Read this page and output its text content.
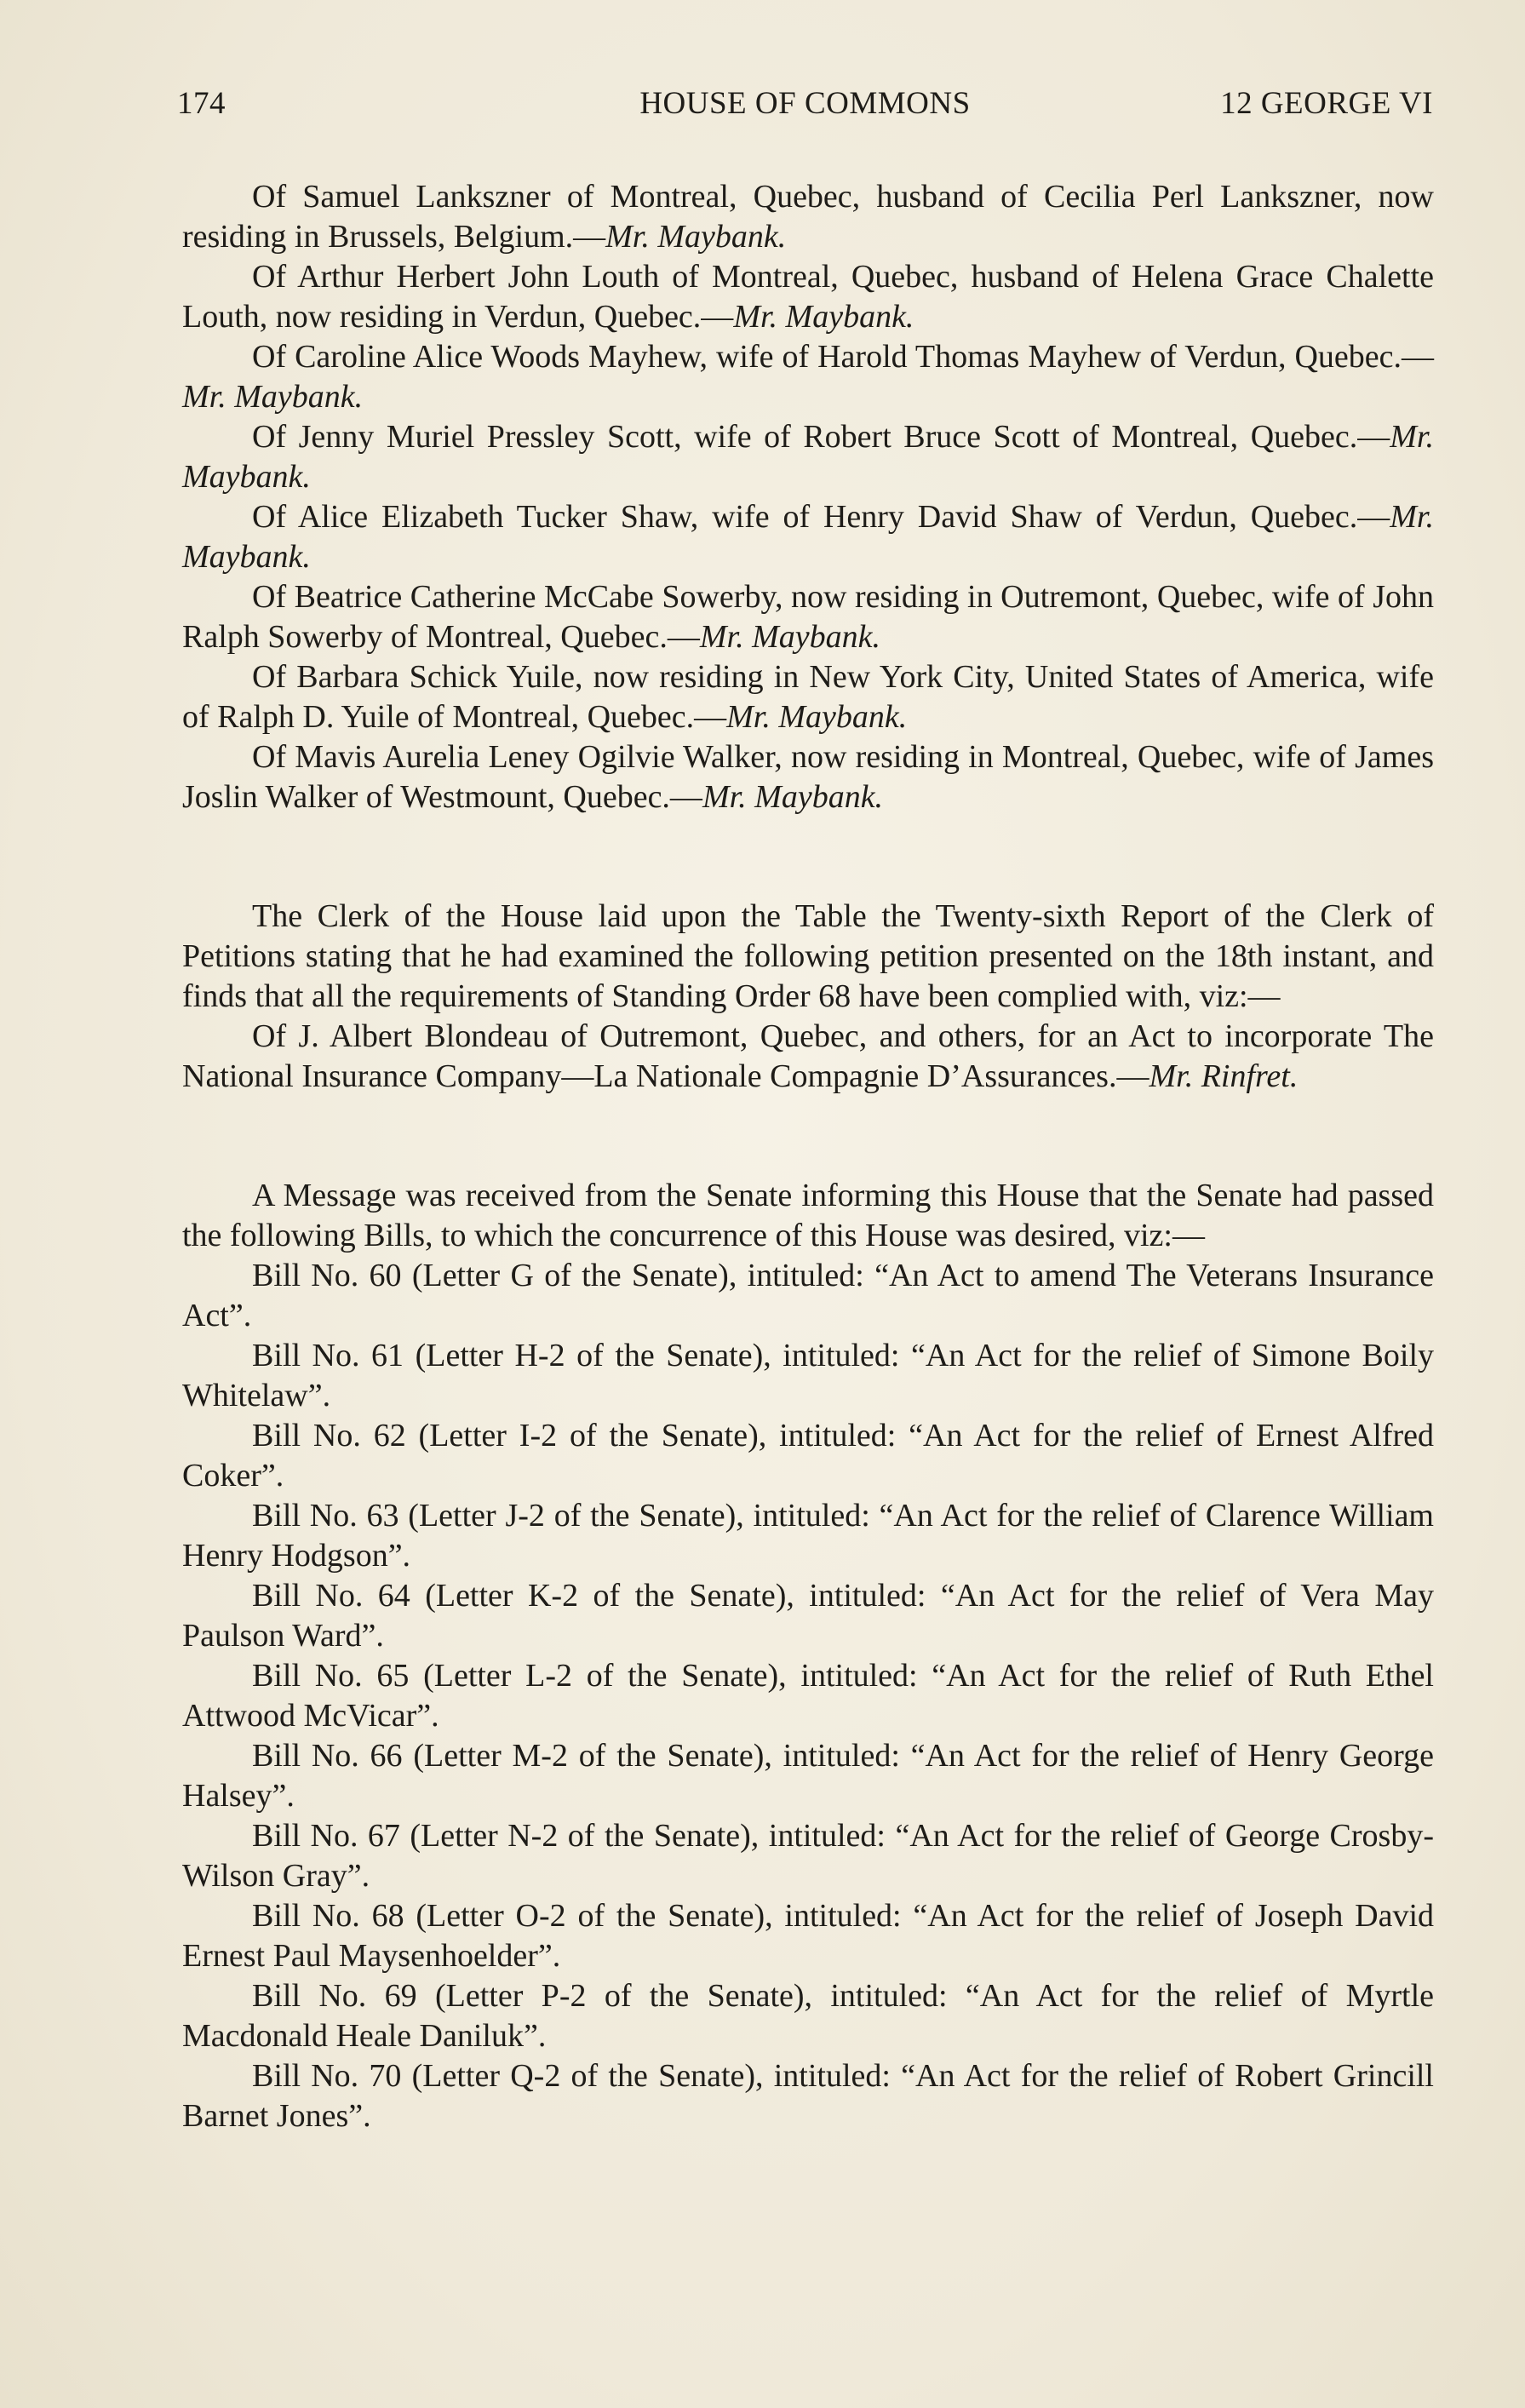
174	HOUSE OF COMMONS	12 GEORGE VI

Of Samuel Lankszner of Montreal, Quebec, husband of Cecilia Perl Lankszner, now residing in Brussels, Belgium.—Mr. Maybank.

Of Arthur Herbert John Louth of Montreal, Quebec, husband of Helena Grace Chalette Louth, now residing in Verdun, Quebec.—Mr. Maybank.

Of Caroline Alice Woods Mayhew, wife of Harold Thomas Mayhew of Verdun, Quebec.—Mr. Maybank.

Of Jenny Muriel Pressley Scott, wife of Robert Bruce Scott of Montreal, Quebec.—Mr. Maybank.

Of Alice Elizabeth Tucker Shaw, wife of Henry David Shaw of Verdun, Quebec.—Mr. Maybank.

Of Beatrice Catherine McCabe Sowerby, now residing in Outremont, Quebec, wife of John Ralph Sowerby of Montreal, Quebec.—Mr. Maybank.

Of Barbara Schick Yuile, now residing in New York City, United States of America, wife of Ralph D. Yuile of Montreal, Quebec.—Mr. Maybank.

Of Mavis Aurelia Leney Ogilvie Walker, now residing in Montreal, Quebec, wife of James Joslin Walker of Westmount, Quebec.—Mr. Maybank.

The Clerk of the House laid upon the Table the Twenty-sixth Report of the Clerk of Petitions stating that he had examined the following petition presented on the 18th instant, and finds that all the requirements of Standing Order 68 have been complied with, viz:—

Of J. Albert Blondeau of Outremont, Quebec, and others, for an Act to incorporate The National Insurance Company—La Nationale Compagnie D’Assurances.—Mr. Rinfret.

A Message was received from the Senate informing this House that the Senate had passed the following Bills, to which the concurrence of this House was desired, viz:—

Bill No. 60 (Letter G of the Senate), intituled: “An Act to amend The Veterans Insurance Act”.

Bill No. 61 (Letter H-2 of the Senate), intituled: “An Act for the relief of Simone Boily Whitelaw”.

Bill No. 62 (Letter I-2 of the Senate), intituled: “An Act for the relief of Ernest Alfred Coker”.

Bill No. 63 (Letter J-2 of the Senate), intituled: “An Act for the relief of Clarence William Henry Hodgson”.

Bill No. 64 (Letter K-2 of the Senate), intituled: “An Act for the relief of Vera May Paulson Ward”.

Bill No. 65 (Letter L-2 of the Senate), intituled: “An Act for the relief of Ruth Ethel Attwood McVicar”.

Bill No. 66 (Letter M-2 of the Senate), intituled: “An Act for the relief of Henry George Halsey”.

Bill No. 67 (Letter N-2 of the Senate), intituled: “An Act for the relief of George Crosby-Wilson Gray”.

Bill No. 68 (Letter O-2 of the Senate), intituled: “An Act for the relief of Joseph David Ernest Paul Maysenhoelder”.

Bill No. 69 (Letter P-2 of the Senate), intituled: “An Act for the relief of Myrtle Macdonald Heale Daniluk”.

Bill No. 70 (Letter Q-2 of the Senate), intituled: “An Act for the relief of Robert Grincill Barnet Jones”.
